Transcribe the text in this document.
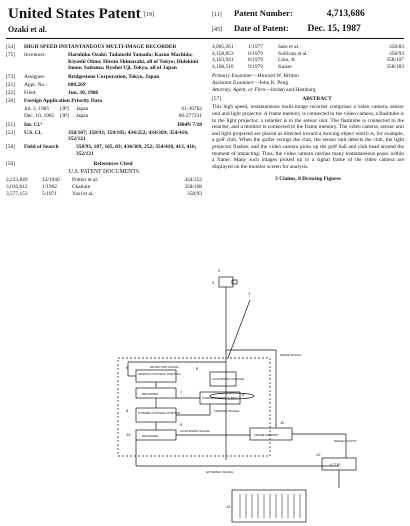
United States Patent [19]
Ozaki et al.
[11] Patent Number:	4,713,686
[45] Date of Patent: Dec. 15, 1987
[54]	HIGH SPEED INSTANTANEOUS MULTI-IMAGE RECORDER
[75]	Inventors:	Haruhiko Ozaki; Tadatoshi Yamada; Kazuo Machida; Kiyoshi Ohno; Hiroto Shimazaki, all of Tokyo; Hidekimi Inoue, Saitama; Ryohei Uji, Tokyo, all of Japan
[73]	Assignee:	Bridgestone Corporation, Tokyo, Japan
[21]	Appl. No.:	880,269
[22]	Filed:	Jun. 30, 1986
[30]	Foreign Application Priority Data
Jul. 2, 1985	[JP]	Japan	61-36762
Dec. 10, 1985	[JP]	Japan	60-277331
[51]	Int. Cl.⁴	H04N 7/18
[52]	U.S. Cl.	358/107; 358/93; 358/105; 434/252; 434/369; 354/416; 352/121
[58]	Field of Search	358/93, 107, 105, 83; 434/369, 252; 354/410, 413, 416; 352/121
[56]	References Cited
U.S. PATENT DOCUMENTS
2,223,849	12/1940	Pottier et al.	434/252
3,016,812	1/1962	Chatlain	358/108
3,577,153	5/1971	Yaxi et al.	358/93
4,005,261	1/1977	Sato et al.	358/83
4,158,853	6/1979	Sullivan et al.	358/93
4,163,941	8/1979	Linn, Jr.	358/107
4,168,510	9/1979	Kaiser	358/183
Primary Examiner—Howard W. Britton
Assistant Examiner—John K. Peng
Attorney, Agent, or Firm—Jordan and Hamburg
[57]	ABSTRACT
This high speed, instantaneous multi-image recorder comprises a video camera, sensor unit and light projector. A frame memory is connected to the video camera, a flashtube is to the light projector, a retarder is to the sensor unit. The flashtube is connected to the retarder, and a monitor is connected to the frame memory. The video camera, sensor unit and light projected are placed as directed toward a moving object which is, for example, a golf club. When the golfer swings the club, the sensor unit detects the club, the light projector flashes, and the video camera picks up the golf ball and club head around the moment of impacting. Thus, the video camera catches many instantaneous poses within a frame. Many such images picked up in a signal frame of the video camera are displayed on the monitor screen for analysis.
3 Claims, 8 Drawing Figures
2
1
3
5
6
7	4
8
9
10
11
12
13
IMAGE SIGNAL
DETECTION SIGNAL
SENSOR CONTROL PORTION
RETARDER
STROBE CONTROL PORTION
RETARDER
LIGHTENING SOURCE
STROBE POWER SUPPLY
TRIGGER SIGNAL
LIGHTENING SIGNAL
FRAME MEMORY
IMAGE OUTPUT
V T R
EXTERNAL SIGNAL
